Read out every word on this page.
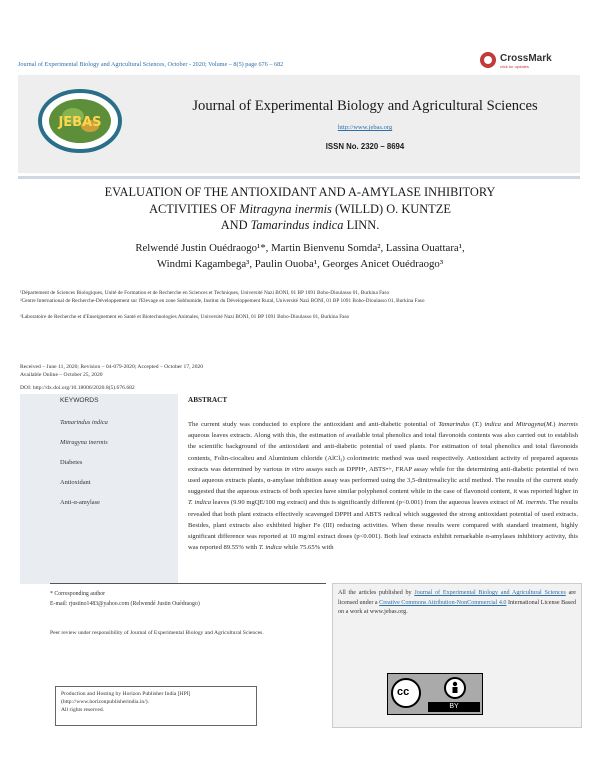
Journal of Experimental Biology and Agricultural Sciences, October - 2020; Volume – 8(5) page 676 – 682
CrossMark
click for updates
JEBAS
Journal of Experimental Biology and Agricultural Sciences
http://www.jebas.org
ISSN No. 2320 – 8694
EVALUATION OF THE ANTIOXIDANT AND A-AMYLASE INHIBITORY
ACTIVITIES OF Mitragyna inermis (WILLD) O. KUNTZE
AND Tamarindus indica LINN.
Relwendé Justin Ouédraogo¹*, Martin Bienvenu Somda², Lassina Ouattara¹,
Windmi Kagambega³, Paulin Ouoba¹, Georges Anicet Ouédraogo³
¹Département de Sciences Biologiques, Unité de Formation et de Recherche en Sciences et Techniques, Université Nazi BONI, 01 BP 1091 Bobo-Dioulasso 01, Burkina Faso
²Centre International de Recherche-Développement sur l'Elevage en zone Subhumide, Institut du Développement Rural, Université Nazi BONI, 01 BP 1091 Bobo-Dioulasso 01, Burkina Faso
³Laboratoire de Recherche et d'Enseignement en Santé et Biotechnologies Animales, Université Nazi BONI, 01 BP 1091 Bobo-Dioulasso 01, Burkina Faso
Received – June 11, 2020; Revision – 04-079-2020; Accepted – October 17, 2020
Available Online – October 25, 2020
DOI: http://dx.doi.org/10.18006/2020.8(5).676.682
KEYWORDS
Tamarindus indica
Mitragyna inermis
Diabetes
Antioxidant
Anti-α-amylase
ABSTRACT
The current study was conducted to explore the antioxidant and anti-diabetic potential of Tamarindus (T.) indica and Mitragyna(M.) inermis aqueous leaves extracts. Along with this, the estimation of available total phenolics and total flavonoids contents was also carried out to establish the scientific background of the antioxidant and anti-diabetic potential of used plants. For estimation of total phenolics and total flavonoids contents, Folin-ciocalteu and Aluminium chloride (AlCl₃) colorimetric method was used respectively. Antioxidant activity of prepared aqueous extracts was determined by various in vitro assays such as DPPH•, ABTS•+, FRAP assay while for the determining anti-diabetic potential of two used aqueous extracts plants, α-amylase inhibition assay was performed using the 3,5-dinitrosalicylic acid method. The results of the current study suggested that the aqueous extracts of both species have similar polyphenol content while in the case of flavonoid content, it was reported higher in T. indica leaves (9.90 mgQE/100 mg extract) and this is significantly different (p<0.001) from the aqueous leaves extract of M. inermis. The results revealed that both plant extracts effectively scavenged DPPH and ABTS radical which suggested the strong antioxidant potential of used extracts. Besides, plant extracts also exhibited higher Fe (III) reducing activities. When these results were compared with standard treatment, highly significant difference was reported at 10 mg/ml extract doses (p<0.001). Both leaf extracts exhibit remarkable α-amylases inhibitory activity, this was reported 89.55% with T. indica while 75.65% with
* Corresponding author
E-mail: rjustino1483@yahoo.com (Relwendé Justin Ouédraogo)
Peer review under responsibility of Journal of Experimental Biology and Agricultural Sciences.
Production and Hosting by Horizon Publisher India [HPI]
(http://www.horizonpublisherindia.in/).
All rights reserved.
All the articles published by Journal of Experimental Biology and Agricultural Sciences are licensed under a Creative Commons Attribution-NonCommercial 4.0 International License Based on a work at www.jebas.org.
cc
BY
